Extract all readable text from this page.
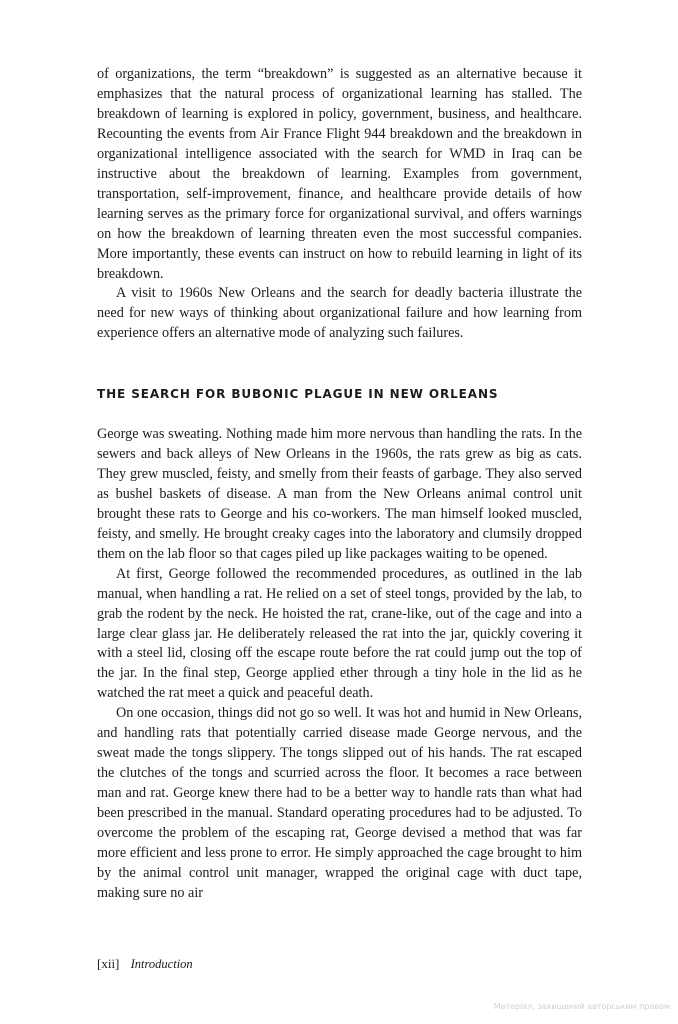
of organizations, the term “breakdown” is suggested as an alternative because it emphasizes that the natural process of organizational learning has stalled. The breakdown of learning is explored in policy, government, business, and healthcare. Recounting the events from Air France Flight 944 breakdown and the breakdown in organizational intelligence associated with the search for WMD in Iraq can be instructive about the breakdown of learning. Examples from government, transportation, self-improvement, finance, and healthcare provide details of how learning serves as the primary force for organizational survival, and offers warnings on how the breakdown of learning threaten even the most successful companies. More importantly, these events can instruct on how to rebuild learning in light of its breakdown.

A visit to 1960s New Orleans and the search for deadly bacteria illustrate the need for new ways of thinking about organizational failure and how learning from experience offers an alternative mode of analyzing such failures.

THE SEARCH FOR BUBONIC PLAGUE IN NEW ORLEANS

George was sweating. Nothing made him more nervous than handling the rats. In the sewers and back alleys of New Orleans in the 1960s, the rats grew as big as cats. They grew muscled, feisty, and smelly from their feasts of garbage. They also served as bushel baskets of disease. A man from the New Orleans animal control unit brought these rats to George and his co-workers. The man himself looked muscled, feisty, and smelly. He brought creaky cages into the laboratory and clumsily dropped them on the lab floor so that cages piled up like packages waiting to be opened.

At first, George followed the recommended procedures, as outlined in the lab manual, when handling a rat. He relied on a set of steel tongs, provided by the lab, to grab the rodent by the neck. He hoisted the rat, crane-like, out of the cage and into a large clear glass jar. He deliberately released the rat into the jar, quickly covering it with a steel lid, closing off the escape route before the rat could jump out the top of the jar. In the final step, George applied ether through a tiny hole in the lid as he watched the rat meet a quick and peaceful death.

On one occasion, things did not go so well. It was hot and humid in New Orleans, and handling rats that potentially carried disease made George nervous, and the sweat made the tongs slippery. The tongs slipped out of his hands. The rat escaped the clutches of the tongs and scurried across the floor. It becomes a race between man and rat. George knew there had to be a better way to handle rats than what had been prescribed in the manual. Standard operating procedures had to be adjusted. To overcome the problem of the escaping rat, George devised a method that was far more efficient and less prone to error. He simply approached the cage brought to him by the animal control unit manager, wrapped the original cage with duct tape, making sure no air

[xii] Introduction
Матеріал, захищений авторським правом
